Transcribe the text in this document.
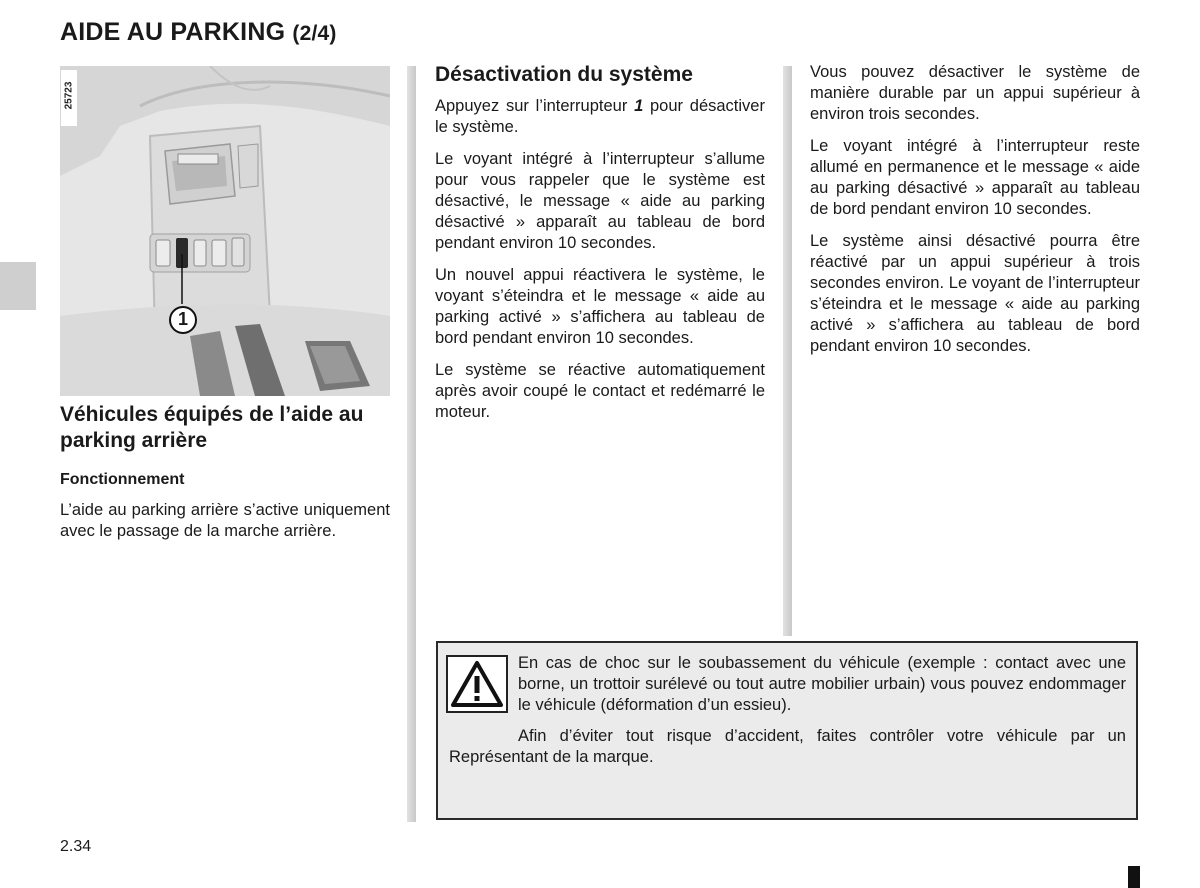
AIDE AU PARKING (2/4)
1
25723
Véhicules équipés de l’aide au parking arrière
Fonctionnement

L’aide au parking arrière s’active uniquement avec le passage de la marche arrière.

Désactivation du système

Appuyez sur l’interrupteur 1 pour désactiver le système.

Le voyant intégré à l’interrupteur s’allume pour vous rappeler que le système est désactivé, le message « aide au parking désactivé » apparaît au tableau de bord pendant environ 10 secondes.

Un nouvel appui réactivera le système, le voyant s’éteindra et le message « aide au parking activé » s’affichera au tableau de bord pendant environ 10 secondes.

Le système se réactive automatiquement après avoir coupé le contact et redémarré le moteur.

Vous pouvez désactiver le système de manière durable par un appui supérieur à environ trois secondes.

Le voyant intégré à l’interrupteur reste allumé en permanence et le message « aide au parking désactivé » apparaît au tableau de bord pendant environ 10 secondes.

Le système ainsi désactivé pourra être réactivé par un appui supérieur à trois secondes environ. Le voyant de l’interrupteur s’éteindra et le message « aide au parking activé » s’affichera au tableau de bord pendant environ 10 secondes.

En cas de choc sur le soubassement du véhicule (exemple : contact avec une borne, un trottoir surélevé ou tout autre mobilier urbain) vous pouvez endommager le véhicule (déformation d’un essieu).
Afin d’éviter tout risque d’accident, faites contrôler votre véhicule par un Représentant de la marque.
2.34
